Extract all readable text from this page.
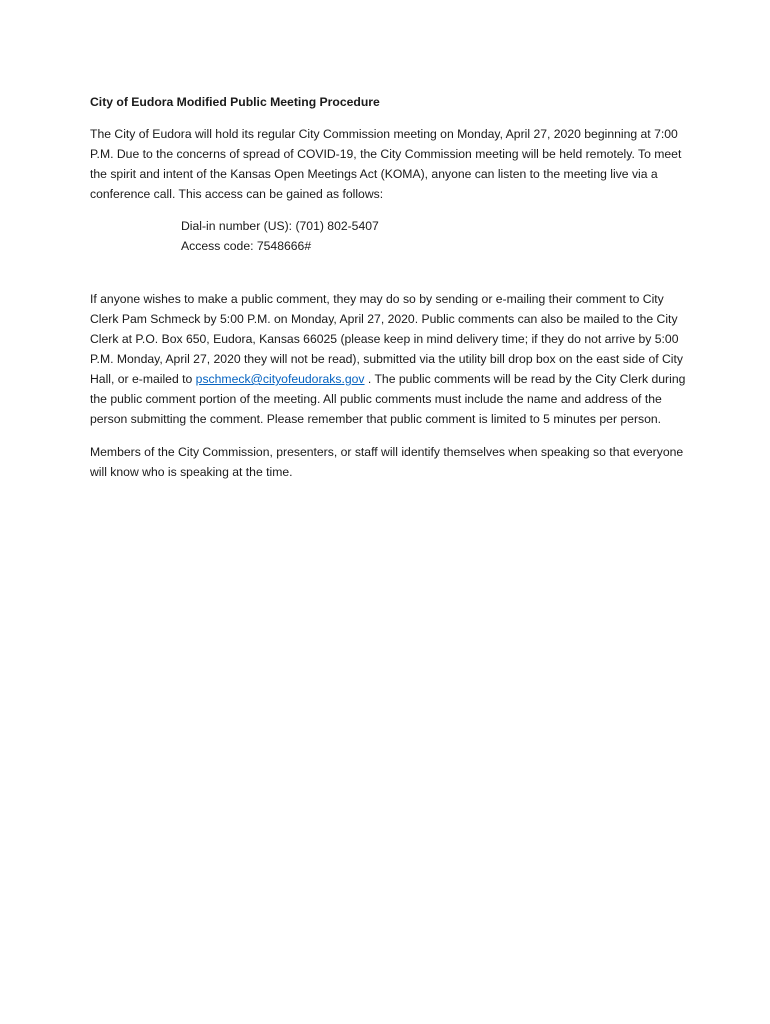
City of Eudora Modified Public Meeting Procedure

The City of Eudora will hold its regular City Commission meeting on Monday, April 27, 2020 beginning at 7:00 P.M. Due to the concerns of spread of COVID-19, the City Commission meeting will be held remotely. To meet the spirit and intent of the Kansas Open Meetings Act (KOMA), anyone can listen to the meeting live via a conference call. This access can be gained as follows:

Dial-in number (US): (701) 802-5407
Access code: 7548666#

If anyone wishes to make a public comment, they may do so by sending or e-mailing their comment to City Clerk Pam Schmeck by 5:00 P.M. on Monday, April 27, 2020. Public comments can also be mailed to the City Clerk at P.O. Box 650, Eudora, Kansas 66025 (please keep in mind delivery time; if they do not arrive by 5:00 P.M. Monday, April 27, 2020 they will not be read), submitted via the utility bill drop box on the east side of City Hall, or e-mailed to pschmeck@cityofeudoraks.gov . The public comments will be read by the City Clerk during the public comment portion of the meeting. All public comments must include the name and address of the person submitting the comment. Please remember that public comment is limited to 5 minutes per person.

Members of the City Commission, presenters, or staff will identify themselves when speaking so that everyone will know who is speaking at the time.
